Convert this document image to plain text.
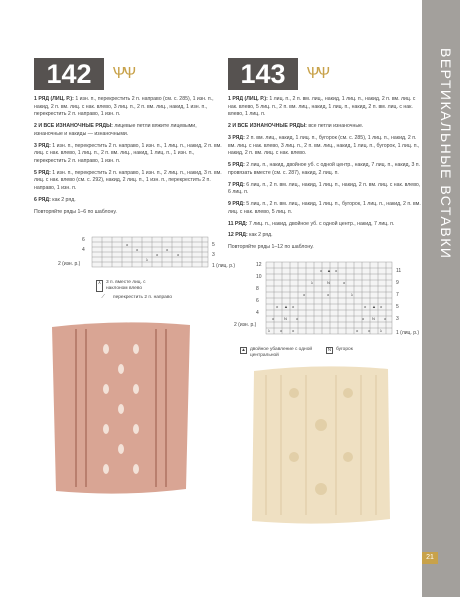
ВЕРТИКАЛЬНЫЕ ВСТАВКИ
142 ѰѰ

1 РЯД (ЛИЦ. Р.): 1 изн. п., перекрестить 2 п. направо (см. с. 285), 1 изн. п., накид, 2 п. вм. лиц. с нак. влево, 3 лиц. п., 2 п. вм. лиц., накид, 1 изн. п., перекрестить 2 п. направо, 1 изн. п.

2 И ВСЕ ИЗНАНОЧНЫЕ РЯДЫ: лицевые петли вяжите лицевыми, изнаночные и накиды — изнаночными.

3 РЯД: 1 изн. п., перекрестить 2 п. направо, 1 изн. п., 1 лиц. п., накид, 2 п. вм. лиц. с нак. влево, 1 лиц. п., 2 п. вм. лиц., накид, 1 лиц. п., 1 изн. п., перекрестить 2 п. направо, 1 изн. п.

5 РЯД: 1 изн. п., перекрестить 2 п. направо, 1 изн. п., 2 лиц. п., накид, 3 п. вм. лиц. с нак. влево (см. с. 292), накид, 2 лиц. п., 1 изн. п., перекрестить 2 п. направо, 1 изн. п.

6 РЯД: как 2 ряд.

Повторяйте ряды 1–6 по шаблону.

o
o
o
λ
o
o
6
4
2 (изн. р.)
5
3
1 (лиц. р.)
λ	3 п. вместе лиц. с наклоном влево
⟋	перекрестить 2 п. направо
143 ѰѰ

1 РЯД (ЛИЦ. Р.): 1 лиц. п., 2 п. вм. лиц., накид, 1 лиц. п., накид, 2 п. вм. лиц. с нак. влево, 5 лиц. п., 2 п. вм. лиц., накид, 1 лиц. п., накид, 2 п. вм. лиц. с нак. влево, 1 лиц. п.

2 И ВСЕ ИЗНАНОЧНЫЕ РЯДЫ: все петли изнаночные.

3 РЯД: 2 п. вм. лиц., накид, 1 лиц. п., бугорок (см. с. 285), 1 лиц. п., накид, 2 п. вм. лиц. с нак. влево, 3 лиц. п., 2 п. вм. лиц., накид, 1 лиц. п., бугорок, 1 лиц. п., накид, 2 п. вм. лиц. с нак. влево.

5 РЯД: 2 лиц. п., накид, двойное уб. с одной центр., накид, 7 лиц. п., накид, 3 п. провязать вместе (см. с. 287), накид, 2 лиц. п.

7 РЯД: 6 лиц. п., 2 п. вм. лиц., накид, 1 лиц. п., накид, 2 п. вм. лиц. с нак. влево, 6 лиц. п.

9 РЯД: 5 лиц. п., 2 п. вм. лиц., накид, 1 лиц. п., бугорок, 1 лиц. п., накид, 2 п. вм. лиц. с нак. влево, 5 лиц. п.

11 РЯД: 7 лиц. п., накид, двойное уб. с одной центр., накид, 7 лиц. п.

12 РЯД: как 2 ряд.

Повторяйте ряды 1–12 по шаблону.

o ▲ o
λ	N	o
o	o	λ
o ▲ o	o ▲ o
o N o	o N o
λ	o o	o o λ
12
10
8
6
4
2 (изн. р.)
11
9
7
5
3
1 (лиц. р.)
▲ двойное убавление с одной центральной
N бугорок
21
